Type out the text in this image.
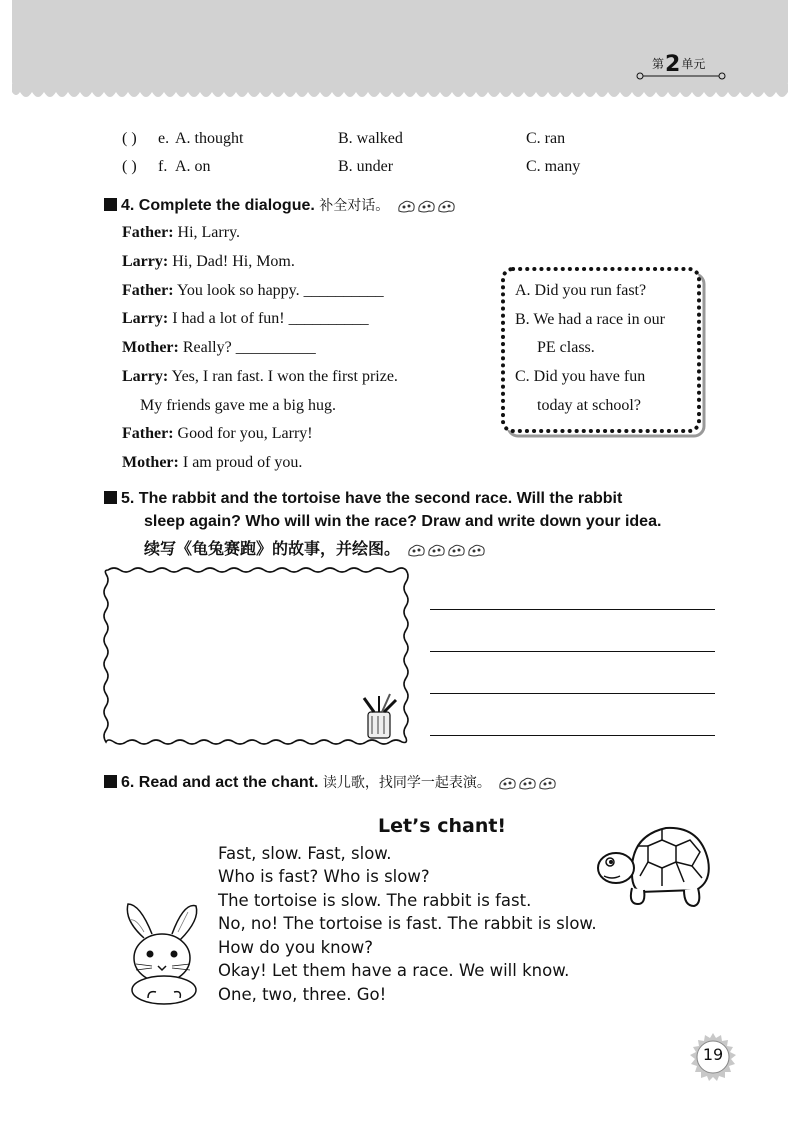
第2单元
( ) e. A. thought	B. walked	C. ran
( ) f. A. on	B. under	C. many
4. Complete the dialogue. 补全对话。
Father: Hi, Larry.
Larry: Hi, Dad! Hi, Mom.
Father: You look so happy. __________
Larry: I had a lot of fun! __________
Mother: Really? __________
Larry: Yes, I ran fast. I won the first prize.
My friends gave me a big hug.
Father: Good for you, Larry!
Mother: I am proud of you.
A. Did you run fast?
B. We had a race in our
PE class.
C. Did you have fun
today at school?
5. The rabbit and the tortoise have the second race. Will the rabbit
sleep again? Who will win the race? Draw and write down your idea.
续写《龟兔赛跑》的故事，并绘图。
6. Read and act the chant. 读儿歌，找同学一起表演。
Let’s chant!
Fast, slow. Fast, slow.
Who is fast? Who is slow?
The tortoise is slow. The rabbit is fast.
No, no! The tortoise is fast. The rabbit is slow.
How do you know?
Okay! Let them have a race. We will know.
One, two, three. Go!
19
